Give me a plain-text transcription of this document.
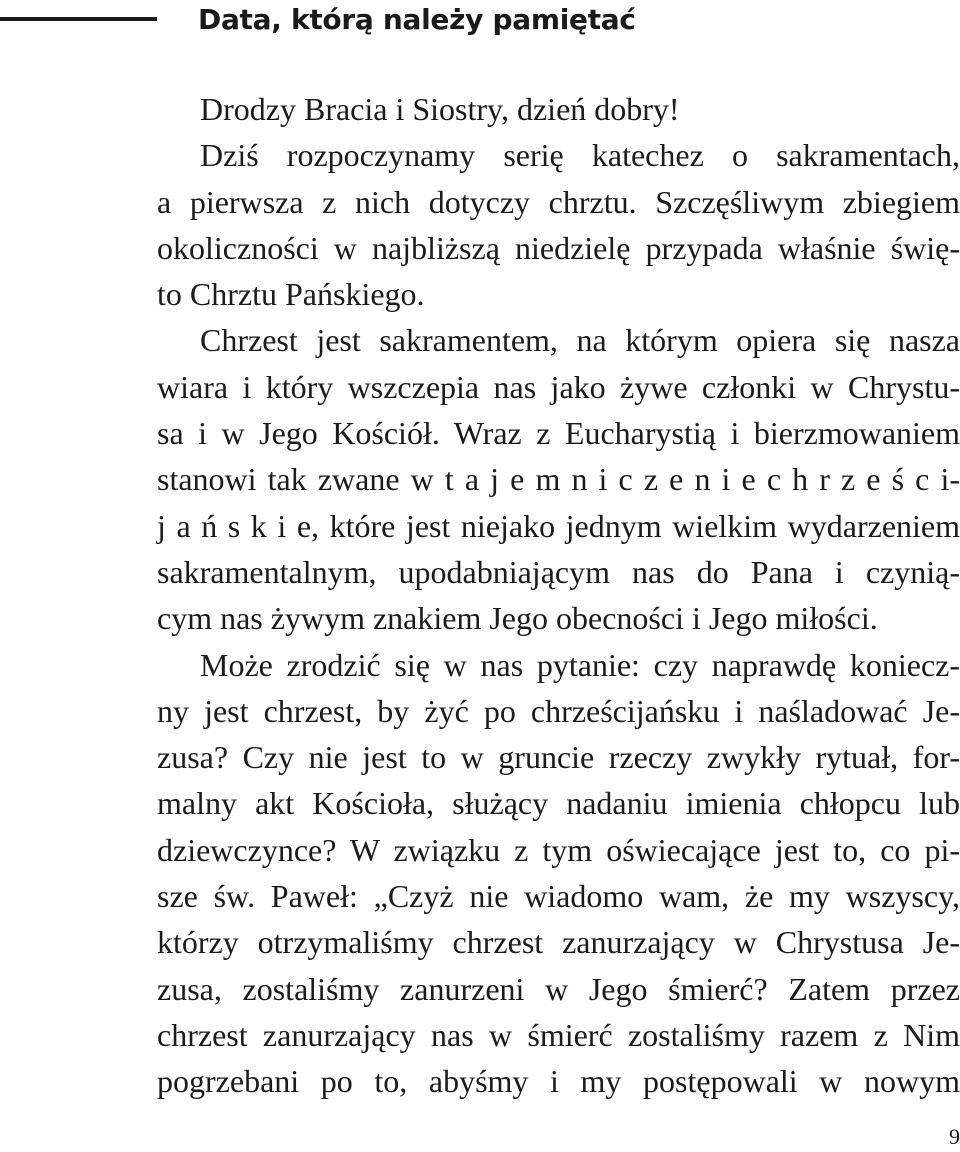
Data, którą należy pamiętać
Drodzy Bracia i Siostry, dzień dobry!
Dziś rozpoczynamy serię katechez o sakramentach,
a pierwsza z nich dotyczy chrztu. Szczęśliwym zbiegiem
okoliczności w najbliższą niedzielę przypada właśnie świę-
to Chrztu Pańskiego.
Chrzest jest sakramentem, na którym opiera się nasza
wiara i który wszczepia nas jako żywe członki w Chrystu-
sa i w Jego Kościół. Wraz z Eucharystią i bierzmowaniem
stanowi tak zwane w t a j e m n i c z e n i e c h r z e ś c i-
j a ń s k i e, które jest niejako jednym wielkim wydarzeniem
sakramentalnym, upodabniającym nas do Pana i czynią-
cym nas żywym znakiem Jego obecności i Jego miłości.
Może zrodzić się w nas pytanie: czy naprawdę koniecz-
ny jest chrzest, by żyć po chrześcijańsku i naśladować Je-
zusa? Czy nie jest to w gruncie rzeczy zwykły rytuał, for-
malny akt Kościoła, służący nadaniu imienia chłopcu lub
dziewczynce? W związku z tym oświecające jest to, co pi-
sze św. Paweł: „Czyż nie wiadomo wam, że my wszyscy,
którzy otrzymaliśmy chrzest zanurzający w Chrystusa Je-
zusa, zostaliśmy zanurzeni w Jego śmierć? Zatem przez
chrzest zanurzający nas w śmierć zostaliśmy razem z Nim
pogrzebani po to, abyśmy i my postępowali w nowym
9
